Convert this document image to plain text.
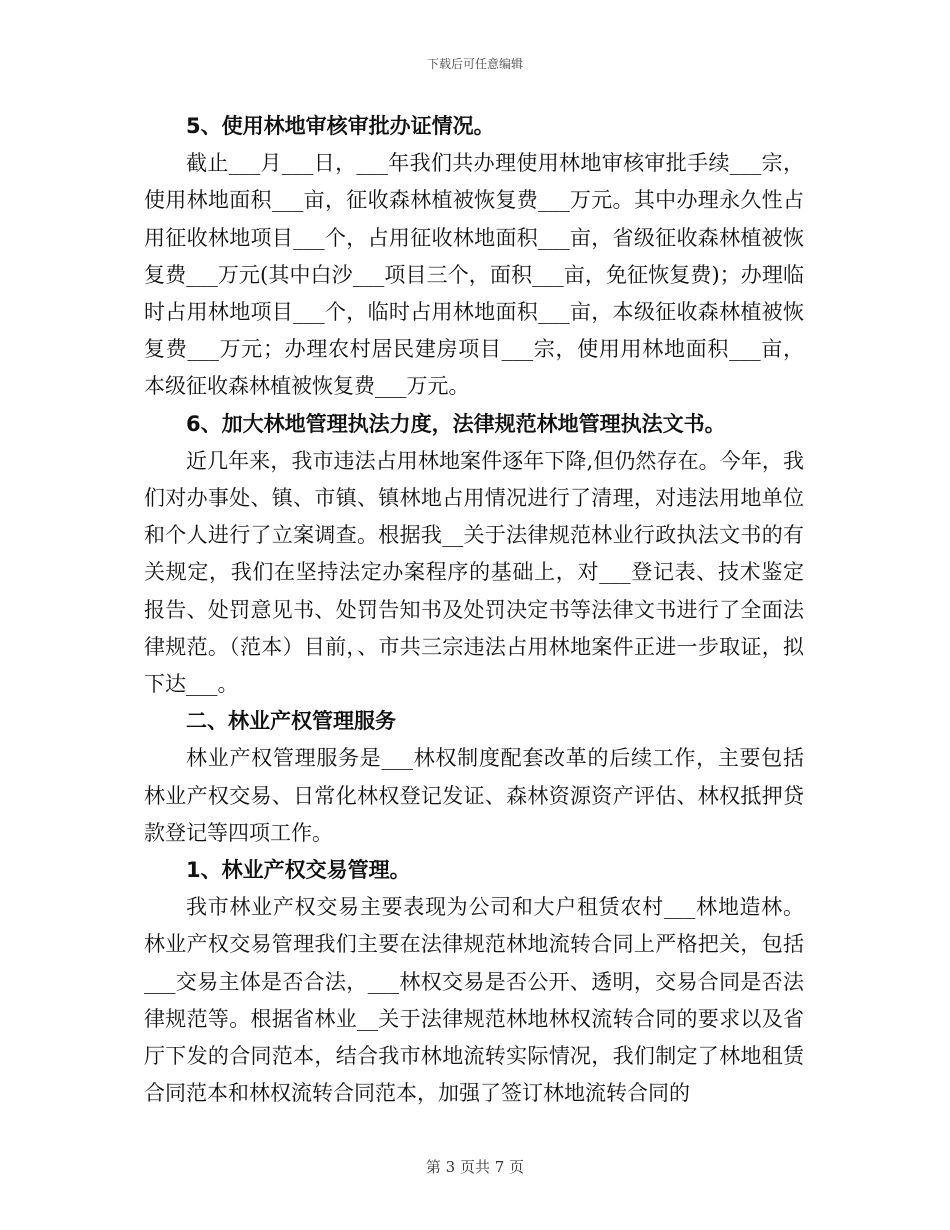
下载后可任意编辑

5、使用林地审核审批办证情况。

截止___月___日，___年我们共办理使用林地审核审批手续___宗，使用林地面积___亩，征收森林植被恢复费___万元。其中办理永久性占用征收林地项目___个，占用征收林地面积___亩，省级征收森林植被恢复费___万元(其中白沙___项目三个，面积___亩，免征恢复费)；办理临时占用林地项目___个，临时占用林地面积___亩，本级征收森林植被恢复费___万元；办理农村居民建房项目___宗，使用用林地面积___亩，本级征收森林植被恢复费___万元。

6、加大林地管理执法力度，法律规范林地管理执法文书。

近几年来，我市违法占用林地案件逐年下降,但仍然存在。今年，我们对办事处、镇、市镇、镇林地占用情况进行了清理，对违法用地单位和个人进行了立案调查。根据我__关于法律规范林业行政执法文书的有关规定，我们在坚持法定办案程序的基础上，对___登记表、技术鉴定报告、处罚意见书、处罚告知书及处罚决定书等法律文书进行了全面法律规范。（范本）目前，、市共三宗违法占用林地案件正进一步取证，拟下达___。

二、林业产权管理服务

林业产权管理服务是___林权制度配套改革的后续工作，主要包括林业产权交易、日常化林权登记发证、森林资源资产评估、林权抵押贷款登记等四项工作。

1、林业产权交易管理。

我市林业产权交易主要表现为公司和大户租赁农村___林地造林。林业产权交易管理我们主要在法律规范林地流转合同上严格把关，包括___交易主体是否合法，___林权交易是否公开、透明，交易合同是否法律规范等。根据省林业__关于法律规范林地林权流转合同的要求以及省厅下发的合同范本，结合我市林地流转实际情况，我们制定了林地租赁合同范本和林权流转合同范本，加强了签订林地流转合同的

第 3 页共 7 页
